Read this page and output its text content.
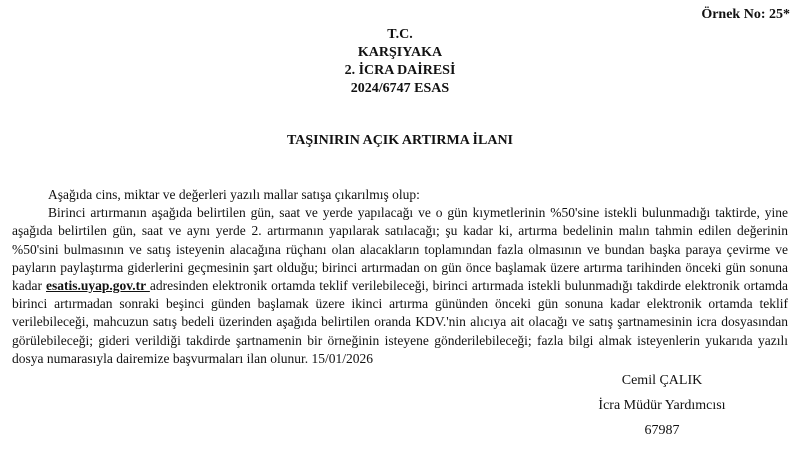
Örnek No: 25*
T.C.
KARŞIYAKA
2. İCRA DAİRESİ
2024/6747 ESAS
TAŞINIRIN AÇIK ARTIRMA İLANI

Aşağıda cins, miktar ve değerleri yazılı mallar satışa çıkarılmış olup:

Birinci artırmanın aşağıda belirtilen gün, saat ve yerde yapılacağı ve o gün kıymetlerinin %50'sine istekli bulunmadığı taktirde, yine aşağıda belirtilen gün, saat ve aynı yerde 2. artırmanın yapılarak satılacağı; şu kadar ki, artırma bedelinin malın tahmin edilen değerinin %50'sini bulmasının ve satış isteyenin alacağına rüçhanı olan alacakların toplamından fazla olmasının ve bundan başka paraya çevirme ve payların paylaştırma giderlerini geçmesinin şart olduğu; birinci artırmadan on gün önce başlamak üzere artırma tarihinden önceki gün sonuna kadar esatis.uyap.gov.tr adresinden elektronik ortamda teklif verilebileceği, birinci artırmada istekli bulunmadığı takdirde elektronik ortamda birinci artırmadan sonraki beşinci günden başlamak üzere ikinci artırma gününden önceki gün sonuna kadar elektronik ortamda teklif verilebileceği, mahcuzun satış bedeli üzerinden aşağıda belirtilen oranda KDV.'nin alıcıya ait olacağı ve satış şartnamesinin icra dosyasından görülebileceği; gideri verildiği takdirde şartnamenin bir örneğinin isteyene gönderilebileceği; fazla bilgi almak isteyenlerin yukarıda yazılı dosya numarasıyla dairemize başvurmaları ilan olunur. 15/01/2026

Cemil ÇALIK
İcra Müdür Yardımcısı
67987
